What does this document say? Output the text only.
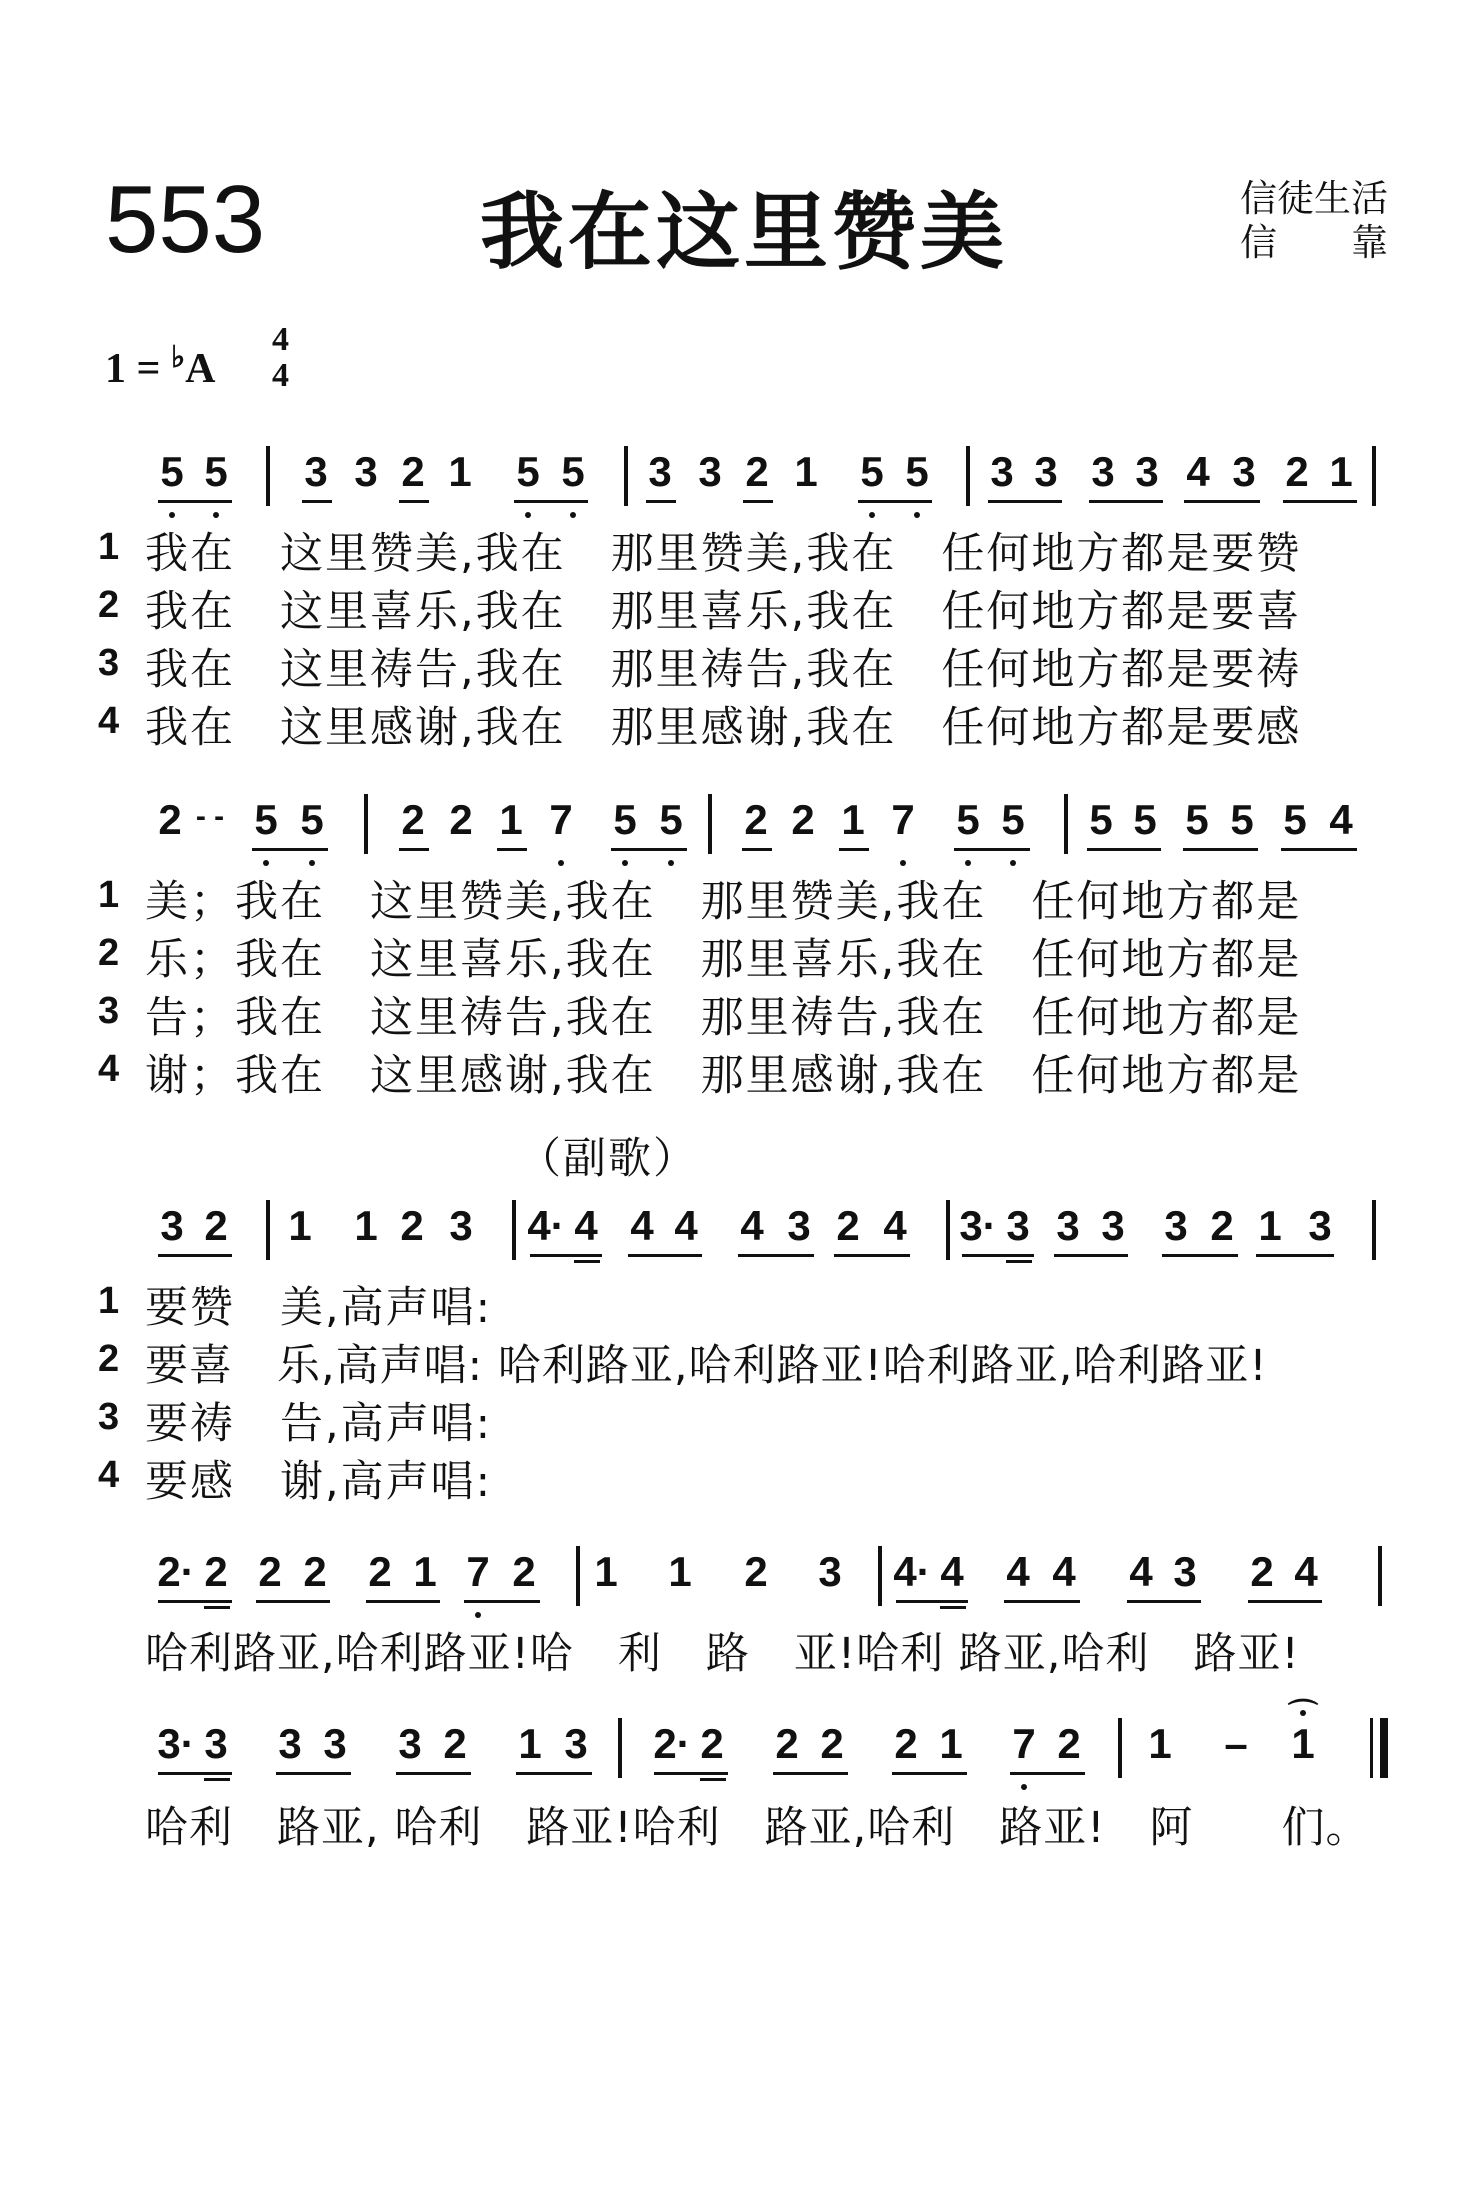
553	我在这里赞美	信徒生活
信　　靠
1 = ♭A
4
4
5 5 3 3 2 1 5 5 3 3 2 1 5 5 3 3 3 3 4 3 2 1
1 我在　这里赞美,我在　那里赞美,我在　任何地方都是要赞
2 我在　这里喜乐,我在　那里喜乐,我在　任何地方都是要喜
3 我在　这里祷告,我在　那里祷告,我在　任何地方都是要祷
4 我在　这里感谢,我在　那里感谢,我在　任何地方都是要感
2 - - 5 5 2 2 1 7 5 5 2 2 1 7 5 5 5 5 5 5 5 4
1 美；我在　这里赞美,我在　那里赞美,我在　任何地方都是
2 乐；我在　这里喜乐,我在　那里喜乐,我在　任何地方都是
3 告；我在　这里祷告,我在　那里祷告,我在　任何地方都是
4 谢；我在　这里感谢,我在　那里感谢,我在　任何地方都是
（副歌）
3 2 1 1 2 3 4· 4 4 4 4 3 2 4 3· 3 3 3 3 2 1 3
1 要赞　美,高声唱:
2 要喜　乐,高声唱: 哈利路亚,哈利路亚!哈利路亚,哈利路亚!
3 要祷　告,高声唱:
4 要感　谢,高声唱:
2· 2 2 2 2 1 7 2 1 1 2 3 4· 4 4 4 4 3 2 4
哈利路亚,哈利路亚!哈　利　路　亚!哈利 路亚,哈利　路亚!
3· 3 3 3 3 2 1 3 2· 2 2 2 2 1 7 2 1 – 1
⌒
哈利　路亚, 哈利　路亚!哈利　路亚,哈利　路亚!　阿　　们。
